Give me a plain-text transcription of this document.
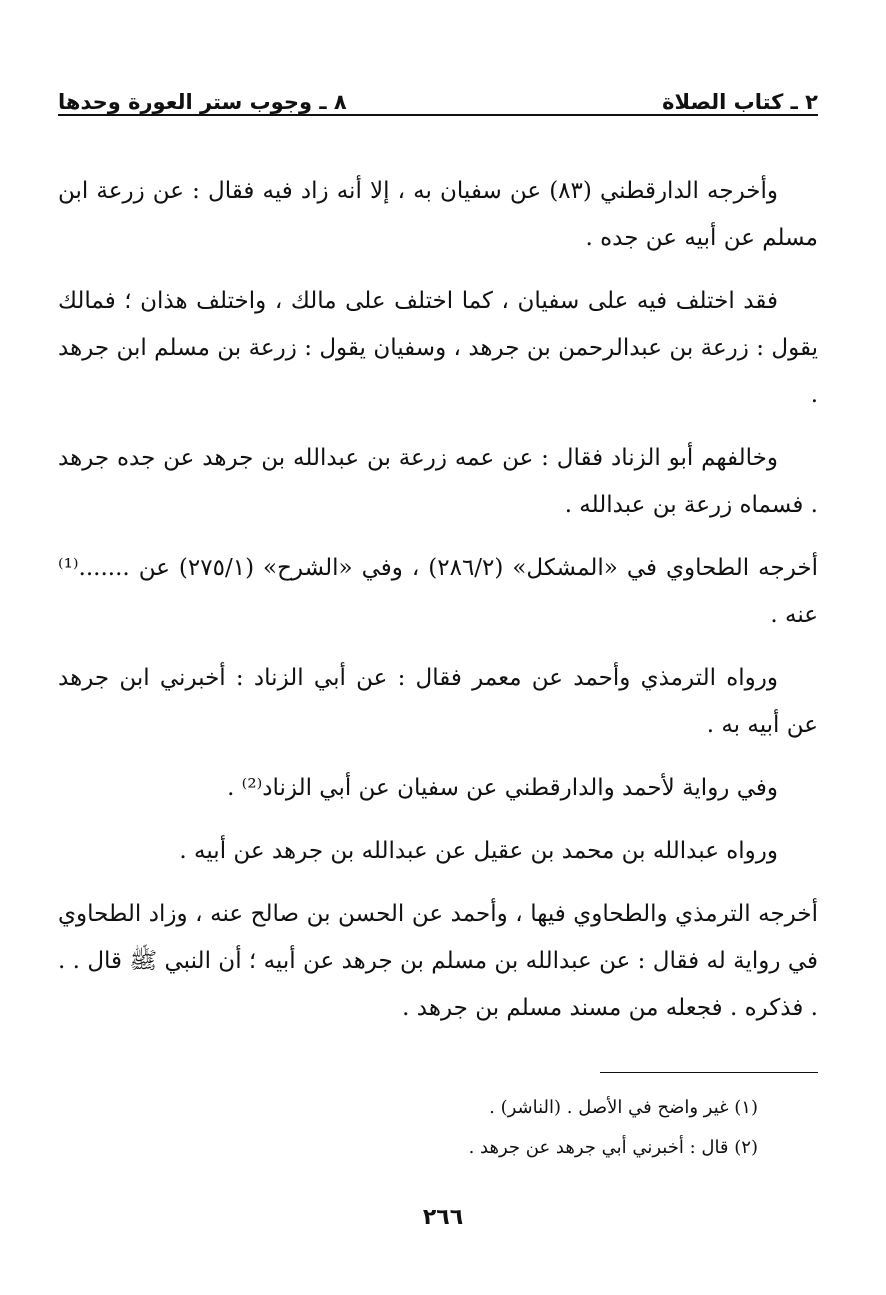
٢ ـ كتاب الصلاة
٨ ـ وجوب ستر العورة وحدها

وأخرجه الدارقطني (٨٣) عن سفيان به ، إلا أنه زاد فيه فقال : عن زرعة ابن مسلم عن أبيه عن جده .

فقد اختلف فيه على سفيان ، كما اختلف على مالك ، واختلف هذان ؛ فمالك يقول : زرعة بن عبدالرحمن بن جرهد ، وسفيان يقول : زرعة بن مسلم ابن جرهد .

وخالفهم أبو الزناد فقال : عن عمه زرعة بن عبدالله بن جرهد عن جده جرهد . فسماه زرعة بن عبدالله .

أخرجه الطحاوي في «المشكل» (٢٨٦/٢) ، وفي «الشرح» (٢٧٥/١) عن .......⁽¹⁾ عنه .

ورواه الترمذي وأحمد عن معمر فقال : عن أبي الزناد : أخبرني ابن جرهد عن أبيه به .

وفي رواية لأحمد والدارقطني عن سفيان عن أبي الزناد⁽²⁾ .

ورواه عبدالله بن محمد بن عقيل عن عبدالله بن جرهد عن أبيه .

أخرجه الترمذي والطحاوي فيها ، وأحمد عن الحسن بن صالح عنه ، وزاد الطحاوي في رواية له فقال : عن عبدالله بن مسلم بن جرهد عن أبيه ؛ أن النبي ﷺ قال . . . فذكره . فجعله من مسند مسلم بن جرهد .

(١) غير واضح في الأصل . (الناشر) .

(٢) قال : أخبرني أبي جرهد عن جرهد .

٢٦٦
